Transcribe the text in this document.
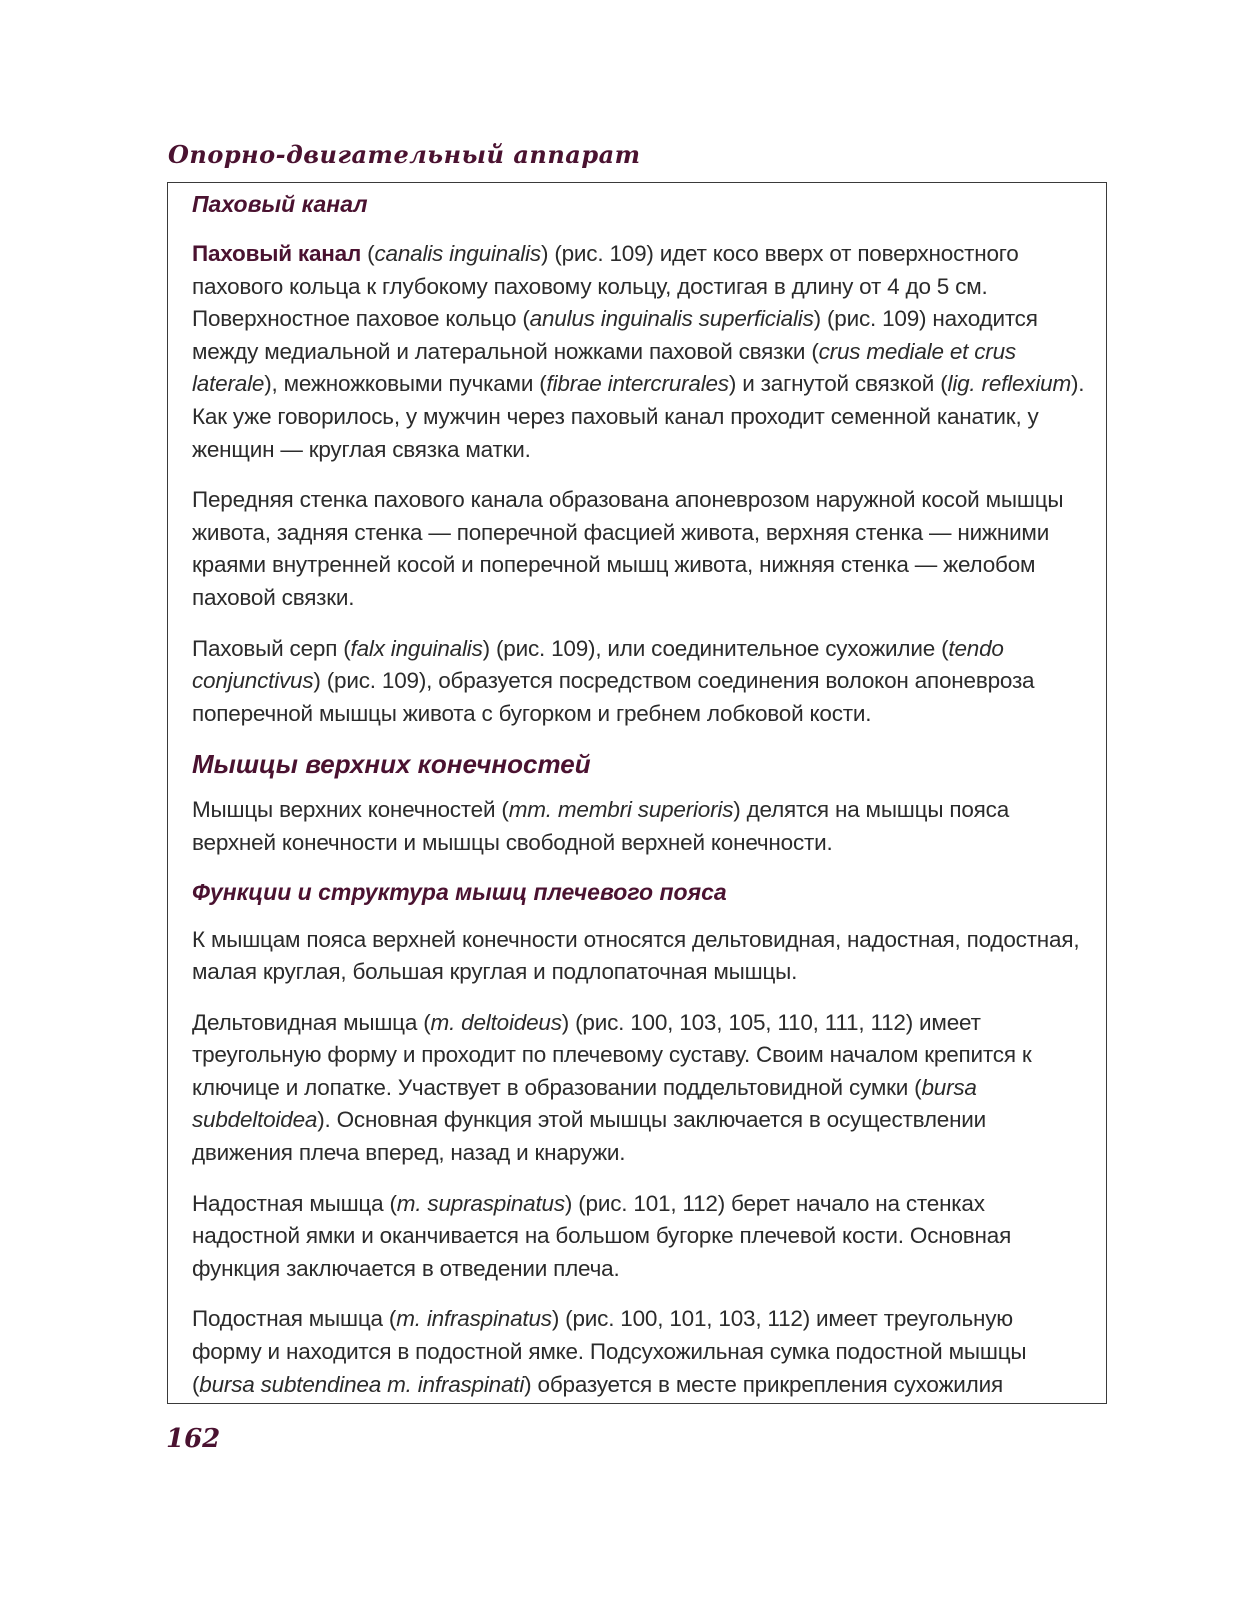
Опорно-двигательный аппарат
Паховый канал

Паховый канал (canalis inguinalis) (рис. 109) идет косо вверх от поверхностного пахового кольца к глубокому паховому кольцу, достигая в длину от 4 до 5 см. Поверхностное паховое кольцо (anulus inguinalis superficialis) (рис. 109) находится между медиальной и латеральной ножками паховой связки (crus mediale et crus laterale), межножковыми пучками (fibrae intercrurales) и загнутой связкой (lig. reflexium). Как уже говорилось, у мужчин через паховый канал проходит семенной канатик, у женщин — круглая связка матки.

Передняя стенка пахового канала образована апоневрозом наружной косой мышцы живота, задняя стенка — поперечной фасцией живота, верхняя стенка — нижними краями внутренней косой и поперечной мышц живота, нижняя стенка — желобом паховой связки.

Паховый серп (falx inguinalis) (рис. 109), или соединительное сухожилие (tendo conjunctivus) (рис. 109), образуется посредством соединения волокон апоневроза поперечной мышцы живота с бугорком и гребнем лобковой кости.

Мышцы верхних конечностей

Мышцы верхних конечностей (mm. membri superioris) делятся на мышцы пояса верхней конечности и мышцы свободной верхней конечности.

Функции и структура мышц плечевого пояса

К мышцам пояса верхней конечности относятся дельтовидная, надостная, подостная, малая круглая, большая круглая и подлопаточная мышцы.

Дельтовидная мышца (m. deltoideus) (рис. 100, 103, 105, 110, 111, 112) имеет треугольную форму и проходит по плечевому суставу. Своим началом крепится к ключице и лопатке. Участвует в образовании поддельтовидной сумки (bursa subdeltoidea). Основная функция этой мышцы заключается в осуществлении движения плеча вперед, назад и кнаружи.

Надостная мышца (m. supraspinatus) (рис. 101, 112) берет начало на стенках надостной ямки и оканчивается на большом бугорке плечевой кости. Основная функция заключается в отведении плеча.

Подостная мышца (m. infraspinatus) (рис. 100, 101, 103, 112) имеет треугольную форму и находится в подостной ямке. Подсухожильная сумка подостной мышцы (bursa subtendinea m. infraspinati) образуется в месте прикрепления сухожилия

162
